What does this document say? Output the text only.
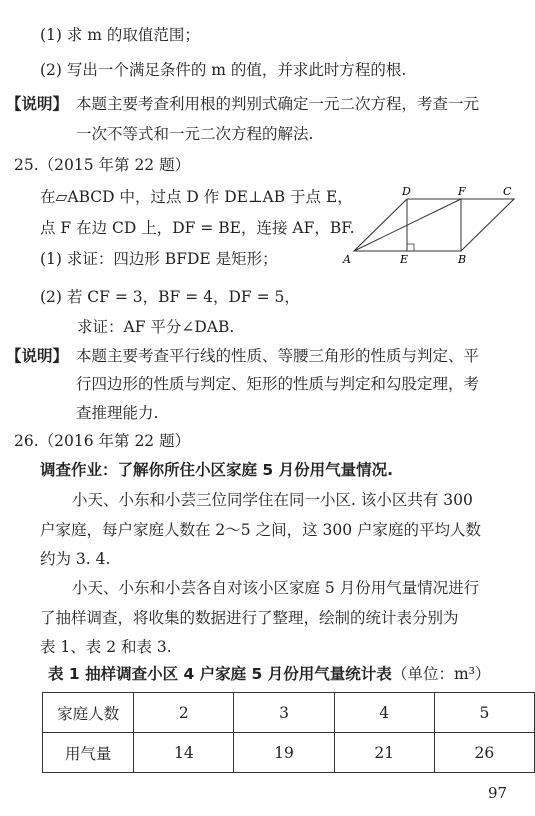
(1) 求 m 的取值范围；
(2) 写出一个满足条件的 m 的值，并求此时方程的根.
【说明】 本题主要考查利用根的判别式确定一元二次方程，考查一元
一次不等式和一元二次方程的解法.
25.（2015 年第 22 题）
在▱ABCD 中，过点 D 作 DE⊥AB 于点 E，
点 F 在边 CD 上，DF = BE，连接 AF，BF.
(1) 求证：四边形 BFDE 是矩形；
(2) 若 CF = 3，BF = 4，DF = 5，
求证：AF 平分∠DAB.
A	E	B
C
F
D
【说明】 本题主要考查平行线的性质、等腰三角形的性质与判定、平
行四边形的性质与判定、矩形的性质与判定和勾股定理，考
查推理能力.
26.（2016 年第 22 题）
调查作业：了解你所住小区家庭 5 月份用气量情况.
小天、小东和小芸三位同学住在同一小区. 该小区共有 300
户家庭，每户家庭人数在 2～5 之间，这 300 户家庭的平均人数
约为 3. 4.
小天、小东和小芸各自对该小区家庭 5 月份用气量情况进行
了抽样调查，将收集的数据进行了整理，绘制的统计表分别为
表 1、表 2 和表 3.
表 1 抽样调查小区 4 户家庭 5 月份用气量统计表 （单位：m³）
家庭人数	2	3	4	5
用气量	14	19	21	26
97
